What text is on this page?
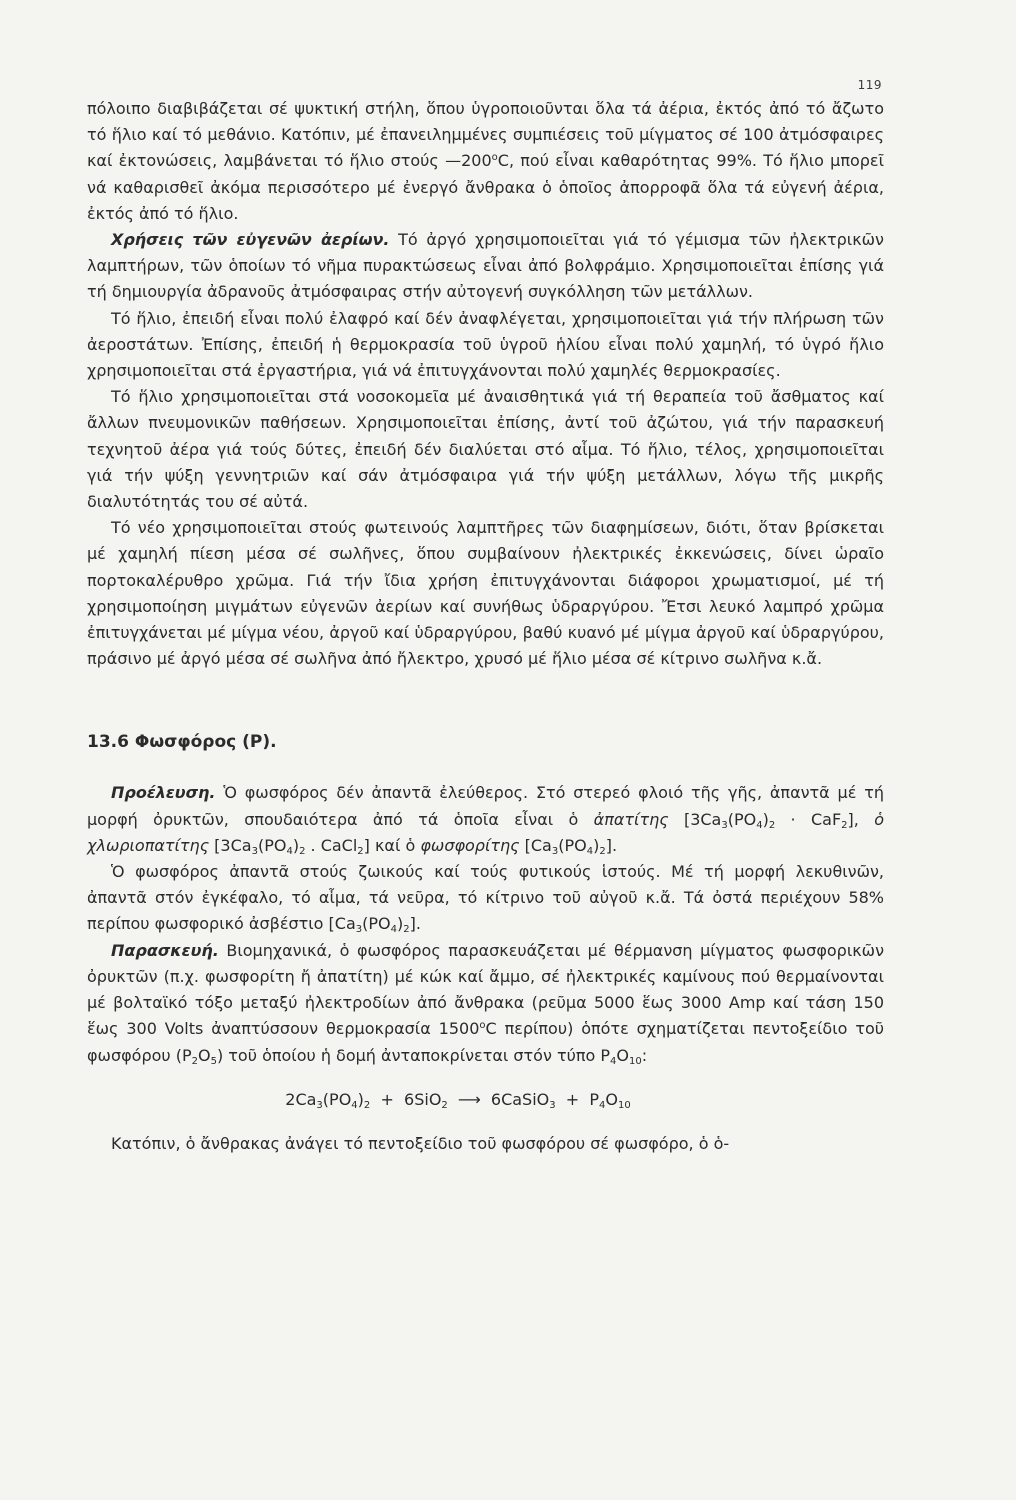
119

πόλοιπο διαβιβάζεται σέ ψυκτική στήλη, ὅπου ὑγροποιοῦνται ὅλα τά ἀέρια, ἐκτός ἀπό τό ἄζωτο τό ἥλιο καί τό μεθάνιο. Κατόπιν, μέ ἐπανειλημμένες συμπιέσεις τοῦ μίγματος σέ 100 ἀτμόσφαιρες καί ἐκτονώσεις, λαμβάνεται τό ἥλιο στούς —200$^o$C, πού εἶναι καθαρότητας 99%. Τό ἥλιο μπορεῖ νά καθαρισθεῖ ἀκόμα περισσότερο μέ ἐνεργό ἄνθρακα ὁ ὁποῖος ἀπορροφᾶ ὅλα τά εὐγενή ἀέρια, ἐκτός ἀπό τό ἥλιο.

Χρήσεις τῶν εὐγενῶν ἀερίων. Τό ἀργό χρησιμοποιεῖται γιά τό γέμισμα τῶν ἠλεκτρικῶν λαμπτήρων, τῶν ὁποίων τό νῆμα πυρακτώσεως εἶναι ἀπό βολφράμιο. Χρησιμοποιεῖται ἐπίσης γιά τή δημιουργία ἀδρανοῦς ἀτμόσφαιρας στήν αὐτογενή συγκόλληση τῶν μετάλλων.

Τό ἥλιο, ἐπειδή εἶναι πολύ ἐλαφρό καί δέν ἀναφλέγεται, χρησιμοποιεῖται γιά τήν πλήρωση τῶν ἀεροστάτων. Ἐπίσης, ἐπειδή ἡ θερμοκρασία τοῦ ὑγροῦ ἡλίου εἶναι πολύ χαμηλή, τό ὑγρό ἥλιο χρησιμοποιεῖται στά ἐργαστήρια, γιά νά ἐπιτυγχάνονται πολύ χαμηλές θερμοκρασίες.

Τό ἥλιο χρησιμοποιεῖται στά νοσοκομεῖα μέ ἀναισθητικά γιά τή θεραπεία τοῦ ἄσθματος καί ἄλλων πνευμονικῶν παθήσεων. Χρησιμοποιεῖται ἐπίσης, ἀντί τοῦ ἀζώτου, γιά τήν παρασκευή τεχνητοῦ ἀέρα γιά τούς δύτες, ἐπειδή δέν διαλύεται στό αἷμα. Τό ἥλιο, τέλος, χρησιμοποιεῖται γιά τήν ψύξη γεννητριῶν καί σάν ἀτμόσφαιρα γιά τήν ψύξη μετάλλων, λόγω τῆς μικρῆς διαλυτότητάς του σέ αὐτά.

Τό νέο χρησιμοποιεῖται στούς φωτεινούς λαμπτῆρες τῶν διαφημίσεων, διότι, ὅταν βρίσκεται μέ χαμηλή πίεση μέσα σέ σωλῆνες, ὅπου συμβαίνουν ἠλεκτρικές ἐκκενώσεις, δίνει ὡραῖο πορτοκαλέρυθρο χρῶμα. Γιά τήν ἴδια χρήση ἐπιτυγχάνονται διάφοροι χρωματισμοί, μέ τή χρησιμοποίηση μιγμάτων εὐγενῶν ἀερίων καί συνήθως ὑδραργύρου. Ἔτσι λευκό λαμπρό χρῶμα ἐπιτυγχάνεται μέ μίγμα νέου, ἀργοῦ καί ὑδραργύρου, βαθύ κυανό μέ μίγμα ἀργοῦ καί ὑδραργύρου, πράσινο μέ ἀργό μέσα σέ σωλῆνα ἀπό ἤλεκτρο, χρυσό μέ ἥλιο μέσα σέ κίτρινο σωλῆνα κ.ἄ.

13.6 Φωσφόρος (P).

Προέλευση. Ὁ φωσφόρος δέν ἀπαντᾶ ἐλεύθερος. Στό στερεό φλοιό τῆς γῆς, ἀπαντᾶ μέ τή μορφή ὀρυκτῶν, σπουδαιότερα ἀπό τά ὁποῖα εἶναι ὁ ἀπατίτης $[3Ca_3(PO_4)_2 \cdot CaF_2]$, ὁ χλωριοπατίτης [$3Ca_3(PO_4)_2$ . CaCl$_2$] καί ὁ φωσφορίτης $[Ca_3(PO_4)_2]$.

Ὁ φωσφόρος ἀπαντᾶ στούς ζωικούς καί τούς φυτικούς ἱστούς. Μέ τή μορφή λεκυθινῶν, ἀπαντᾶ στόν ἐγκέφαλο, τό αἷμα, τά νεῦρα, τό κίτρινο τοῦ αὐγοῦ κ.ἄ. Τά ὀστά περιέχουν 58% περίπου φωσφορικό ἀσβέστιο $[Ca_3(PO_4)_2]$.

Παρασκευή. Βιομηχανικά, ὁ φωσφόρος παρασκευάζεται μέ θέρμανση μίγματος φωσφορικῶν ὀρυκτῶν (π.χ. φωσφορίτη ἤ ἀπατίτη) μέ κώκ καί ἄμμο, σέ ἠλεκτρικές καμίνους πού θερμαίνονται μέ βολταϊκό τόξο μεταξύ ἠλεκτροδίων ἀπό ἄνθρακα (ρεῦμα 5000 ἕως 3000 Amp καί τάση 150 ἕως 300 Volts ἀναπτύσσουν θερμοκρασία 1500$^o$C περίπου) ὁπότε σχηματίζεται πεντοξείδιο τοῦ φωσφόρου $(P_2O_5)$ τοῦ ὁποίου ἡ δομή ἀνταποκρίνεται στόν τύπο $P_4O_{10}$:

$2Ca_3(PO_4)_2 + 6SiO_2$ ⟶ 6CaSiO$_3$  +  $P_4O_{10}$

Κατόπιν, ὁ ἄνθρακας ἀνάγει τό πεντοξείδιο τοῦ φωσφόρου σέ φωσφόρο, ὁ ὁ-
